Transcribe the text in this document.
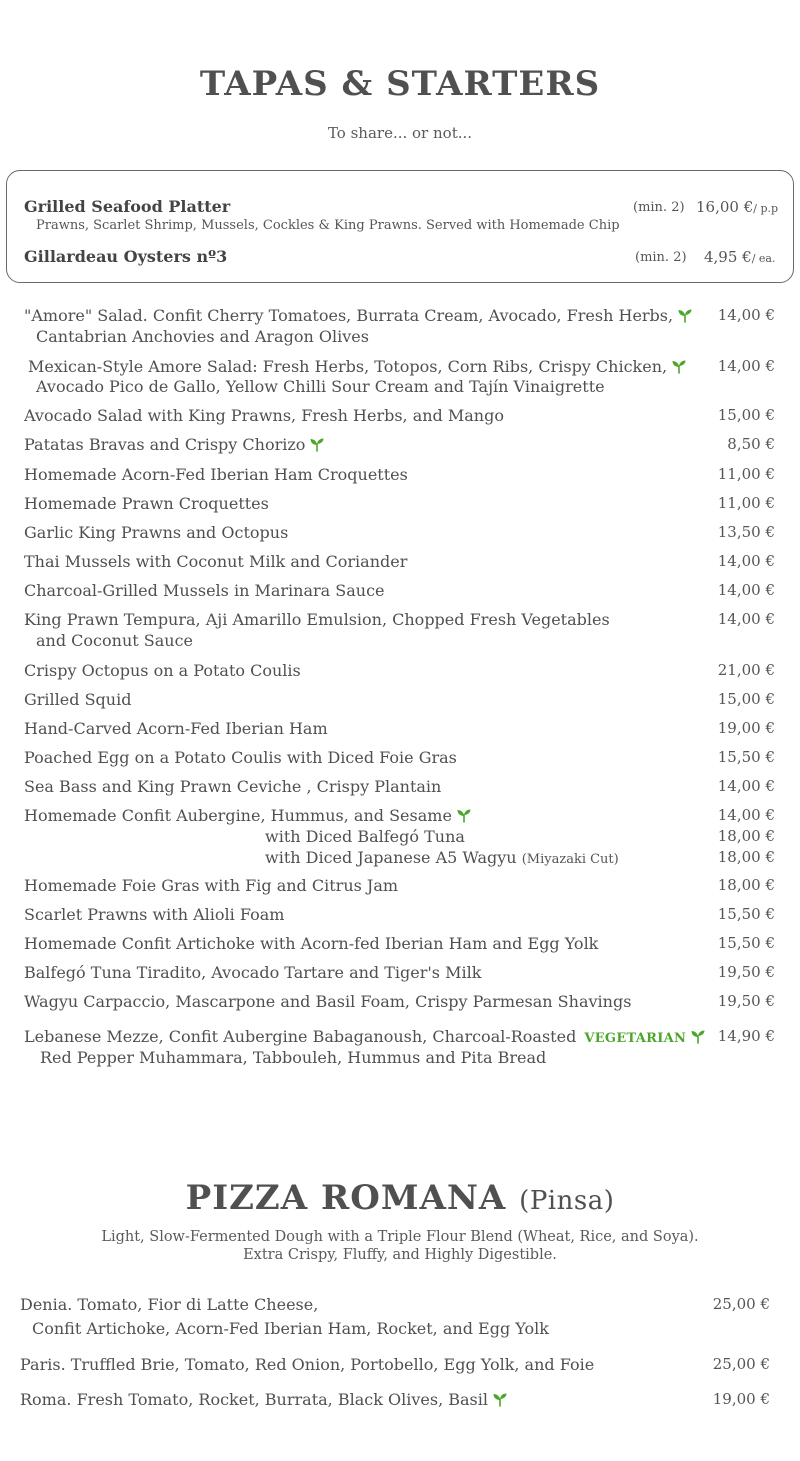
TAPAS & STARTERS
To share... or not...
Grilled Seafood Platter	(min. 2) 16,00 €/ p.p
Prawns, Scarlet Shrimp, Mussels, Cockles & King Prawns. Served with Homemade Chip
Gillardeau Oysters nº3	(min. 2) 4,95 €/ ea.
"Amore" Salad. Confit Cherry Tomatoes, Burrata Cream, Avocado, Fresh Herbs,
Cantabrian Anchovies and Aragon Olives
14,00 €
Mexican-Style Amore Salad: Fresh Herbs, Totopos, Corn Ribs, Crispy Chicken,
Avocado Pico de Gallo, Yellow Chilli Sour Cream and Tajín Vinaigrette
14,00 €
Avocado Salad with King Prawns, Fresh Herbs, and Mango	15,00 €
Patatas Bravas and Crispy Chorizo	8,50 €
Homemade Acorn-Fed Iberian Ham Croquettes	11,00 €
Homemade Prawn Croquettes	11,00 €
Garlic King Prawns and Octopus	13,50 €
Thai Mussels with Coconut Milk and Coriander	14,00 €
Charcoal-Grilled Mussels in Marinara Sauce	14,00 €
King Prawn Tempura, Aji Amarillo Emulsion, Chopped Fresh Vegetables
and Coconut Sauce
14,00 €
Crispy Octopus on a Potato Coulis	21,00 €
Grilled Squid	15,00 €
Hand-Carved Acorn-Fed Iberian Ham	19,00 €
Poached Egg on a Potato Coulis with Diced Foie Gras	15,50 €
Sea Bass and King Prawn Ceviche , Crispy Plantain	14,00 €
Homemade Confit Aubergine, Hummus, and Sesame	14,00 €
with Diced Balfegó Tuna	18,00 €
with Diced Japanese A5 Wagyu (Miyazaki Cut)	18,00 €
Homemade Foie Gras with Fig and Citrus Jam	18,00 €
Scarlet Prawns with Alioli Foam	15,50 €
Homemade Confit Artichoke with Acorn-fed Iberian Ham and Egg Yolk	15,50 €
Balfegó Tuna Tiradito, Avocado Tartare and Tiger's Milk	19,50 €
Wagyu Carpaccio, Mascarpone and Basil Foam, Crispy Parmesan Shavings	19,50 €
Lebanese Mezze, Confit Aubergine Babaganoush, Charcoal-Roasted VEGETARIAN
Red Pepper Muhammara, Tabbouleh, Hummus and Pita Bread
14,90 €
PIZZA ROMANA (Pinsa)
Light, Slow-Fermented Dough with a Triple Flour Blend (Wheat, Rice, and Soya).
Extra Crispy, Fluffy, and Highly Digestible.
Denia. Tomato, Fior di Latte Cheese,
Confit Artichoke, Acorn-Fed Iberian Ham, Rocket, and Egg Yolk
25,00 €
Paris. Truffled Brie, Tomato, Red Onion, Portobello, Egg Yolk, and Foie	25,00 €
Roma. Fresh Tomato, Rocket, Burrata, Black Olives, Basil	19,00 €
